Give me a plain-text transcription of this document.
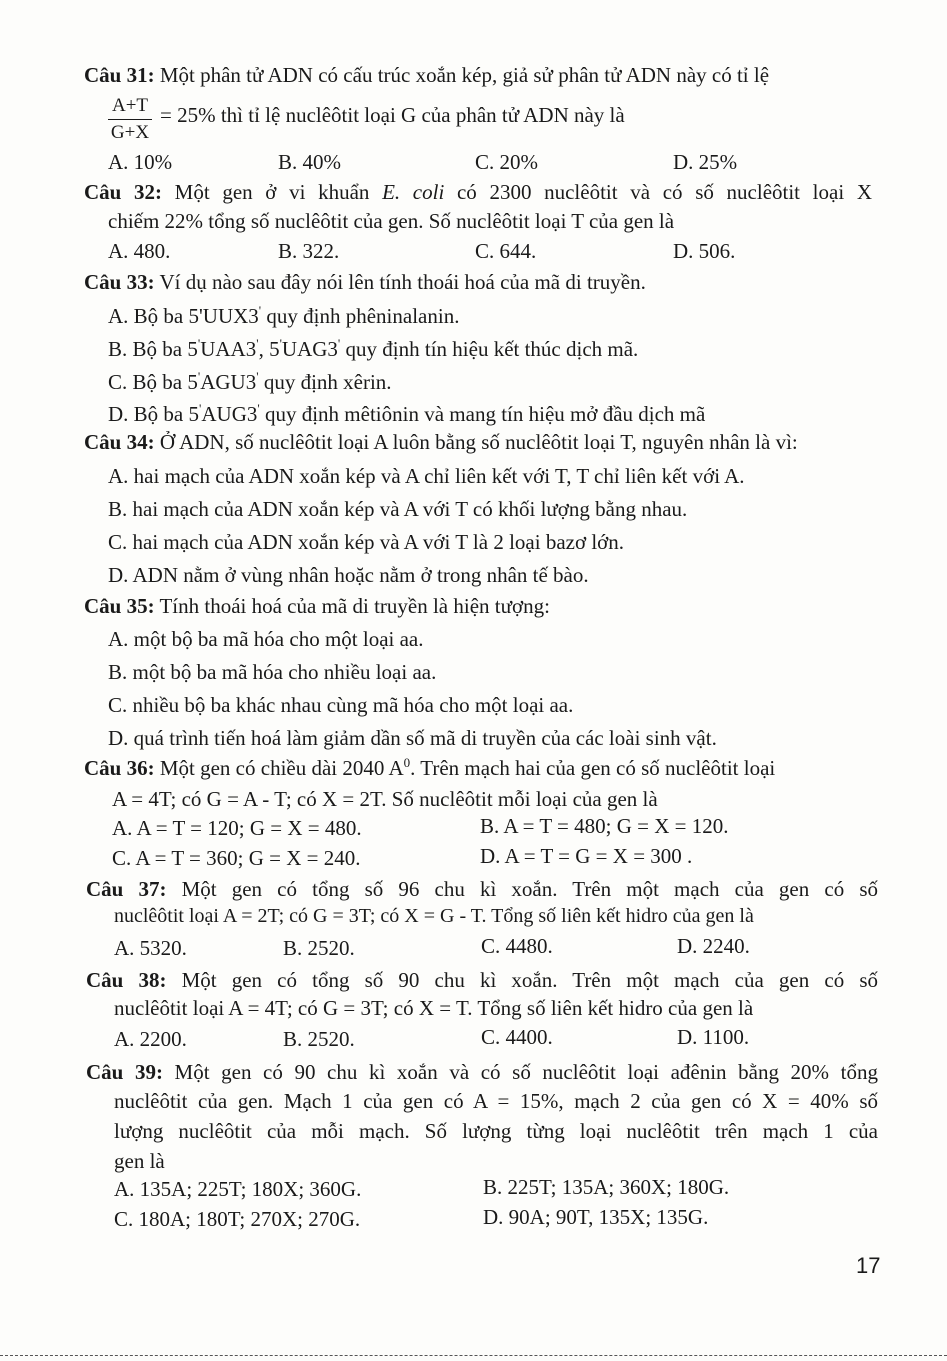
Câu 31: Một phân tử ADN có cấu trúc xoắn kép, giả sử phân tử ADN này có tỉ lệ
$\frac{A+T}{G+X} = 25\%$ thì tỉ lệ nuclêôtit loại G của phân tử ADN này là
A. 10%	B. 40%	C. 20%	D. 25%
Câu 32: Một gen ở vi khuẩn E. coli có 2300 nuclêôtit và có số nuclêôtit loại X
chiếm 22% tổng số nuclêôtit của gen. Số nuclêôtit loại T của gen là
A. 480.	B. 322.	C. 644.	D. 506.
Câu 33: Ví dụ nào sau đây nói lên tính thoái hoá của mã di truyền.
A. Bộ ba 5'UUX3' quy định phêninalanin.
B. Bộ ba 5'UAA3', 5'UAG3' quy định tín hiệu kết thúc dịch mã.
C. Bộ ba 5'AGU3' quy định xêrin.
D. Bộ ba 5'AUG3' quy định mêtiônin và mang tín hiệu mở đầu dịch mã
Câu 34: Ở ADN, số nuclêôtit loại A luôn bằng số nuclêôtit loại T, nguyên nhân là vì:
A. hai mạch của ADN xoắn kép và A chỉ liên kết với T, T chỉ liên kết với A.
B. hai mạch của ADN xoắn kép và A với T có khối lượng bằng nhau.
C. hai mạch của ADN xoắn kép và A với T là 2 loại bazơ lớn.
D. ADN nằm ở vùng nhân hoặc nằm ở trong nhân tế bào.
Câu 35: Tính thoái hoá của mã di truyền là hiện tượng:
A. một bộ ba mã hóa cho một loại aa.
B. một bộ ba mã hóa cho nhiều loại aa.
C. nhiều bộ ba khác nhau cùng mã hóa cho một loại aa.
D. quá trình tiến hoá làm giảm dần số mã di truyền của các loài sinh vật.
Câu 36: Một gen có chiều dài 2040 $A^0$. Trên mạch hai của gen có số nuclêôtit loại
A = 4T; có G = A - T; có X = 2T. Số nuclêôtit mỗi loại của gen là
A. A = T = 120; G = X = 480.	B. A = T = 480; G = X = 120.
C. A = T = 360; G = X = 240.	D. A = T = G = X = 300 .
Câu 37: Một gen có tổng số 96 chu kì xoắn. Trên một mạch của gen có số
nuclêôtit loại A = 2T; có G = 3T; có X = G - T. Tổng số liên kết hidro của gen là
A. 5320.	B. 2520.	C. 4480.	D. 2240.
Câu 38: Một gen có tổng số 90 chu kì xoắn. Trên một mạch của gen có số
nuclêôtit loại A = 4T; có G = 3T; có X = T. Tổng số liên kết hidro của gen là
A. 2200.	B. 2520.	C. 4400.	D. 1100.
Câu 39: Một gen có 90 chu kì xoắn và có số nuclêôtit loại ađênin bằng 20% tổng
nuclêôtit của gen. Mạch 1 của gen có A = 15%, mạch 2 của gen có X = 40% số
lượng nuclêôtit của mỗi mạch. Số lượng từng loại nuclêôtit trên mạch 1 của
gen là
A. 135A; 225T; 180X; 360G.	B. 225T; 135A; 360X; 180G.
C. 180A; 180T; 270X; 270G.	D. 90A; 90T, 135X; 135G.
17
